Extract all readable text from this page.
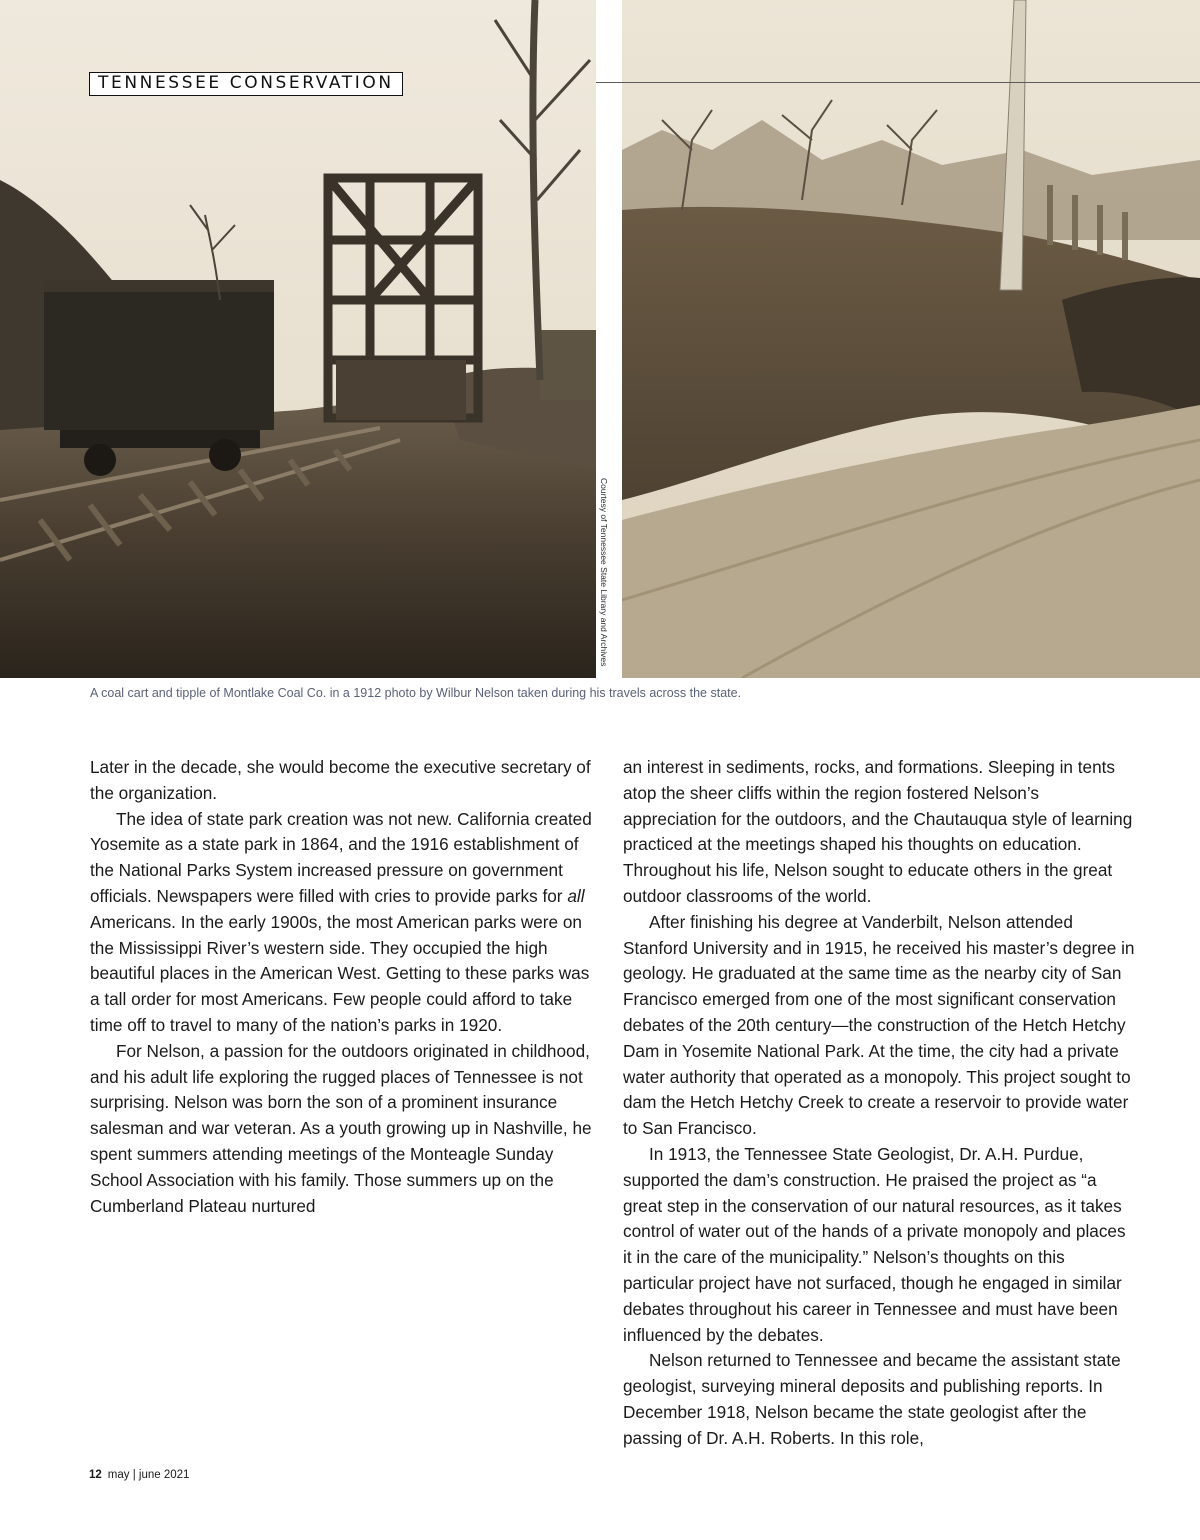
Courtesy of Tennessee State Library and Archives
TENNESSEE CONSERVATION
A coal cart and tipple of Montlake Coal Co. in a 1912 photo by Wilbur Nelson taken during his travels across the state.

Later in the decade, she would become the executive secretary of the organization.

The idea of state park creation was not new. California created Yosemite as a state park in 1864, and the 1916 establishment of the National Parks System increased pressure on government officials. Newspapers were filled with cries to provide parks for all Americans. In the early 1900s, the most American parks were on the Mississippi River’s western side. They occupied the high beautiful places in the American West. Getting to these parks was a tall order for most Americans. Few people could afford to take time off to travel to many of the nation’s parks in 1920.

For Nelson, a passion for the outdoors originated in childhood, and his adult life exploring the rugged places of Tennessee is not surprising. Nelson was born the son of a prominent insurance salesman and war veteran. As a youth growing up in Nashville, he spent summers attending meetings of the Monteagle Sunday School Association with his family. Those summers up on the Cumberland Plateau nurtured

an interest in sediments, rocks, and formations. Sleeping in tents atop the sheer cliffs within the region fostered Nelson’s appreciation for the outdoors, and the Chautauqua style of learning practiced at the meetings shaped his thoughts on education. Throughout his life, Nelson sought to educate others in the great outdoor classrooms of the world.

After finishing his degree at Vanderbilt, Nelson attended Stanford University and in 1915, he received his master’s degree in geology. He graduated at the same time as the nearby city of San Francisco emerged from one of the most significant conservation debates of the 20th century—the construction of the Hetch Hetchy Dam in Yosemite National Park. At the time, the city had a private water authority that operated as a monopoly. This project sought to dam the Hetch Hetchy Creek to create a reservoir to provide water to San Francisco.

In 1913, the Tennessee State Geologist, Dr. A.H. Purdue, supported the dam’s construction. He praised the project as “a great step in the conservation of our natural resources, as it takes control of water out of the hands of a private monopoly and places it in the care of the municipality.” Nelson’s thoughts on this particular project have not surfaced, though he engaged in similar debates throughout his career in Tennessee and must have been influenced by the debates.

Nelson returned to Tennessee and became the assistant state geologist, surveying mineral deposits and publishing reports. In December 1918, Nelson became the state geologist after the passing of Dr. A.H. Roberts. In this role,

12 may | june 2021
